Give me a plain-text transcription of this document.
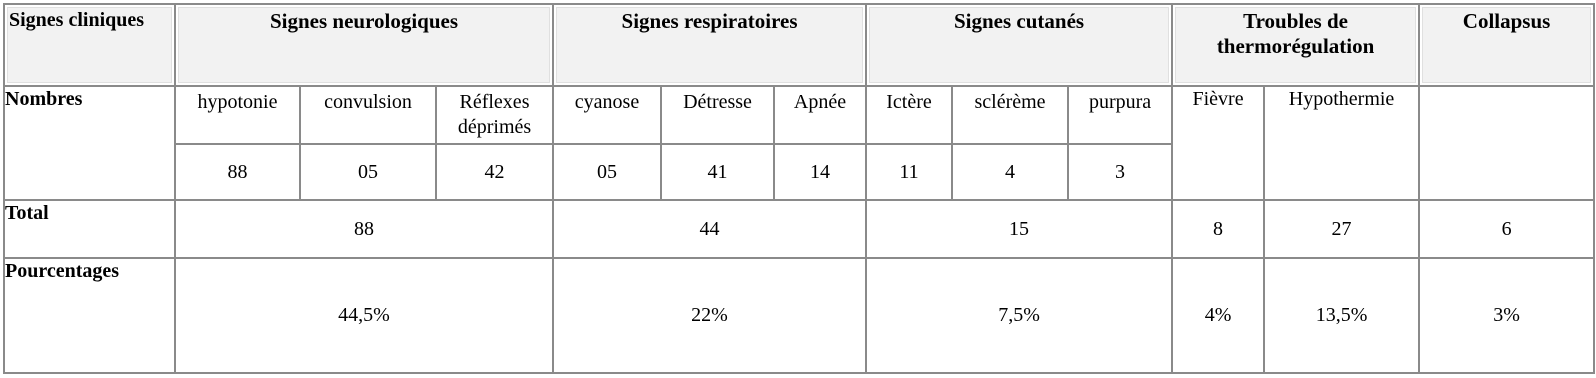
Signes cliniques	Signes neurologiques			Signes respiratoires			Signes cutanés			Troubles de thermorégulation		Collapsus
Nombres	hypotonie	convulsion	Réflexes déprimés	cyanose	Détresse	Apnée	Ictère	sclérème	purpura	Fièvre	Hypothermie	
	88	05	42	05	41	14	11	4	3			
Total	88			44			15			8	27	6
Pourcentages	44,5%			22%			7,5%			4%	13,5%	3%
